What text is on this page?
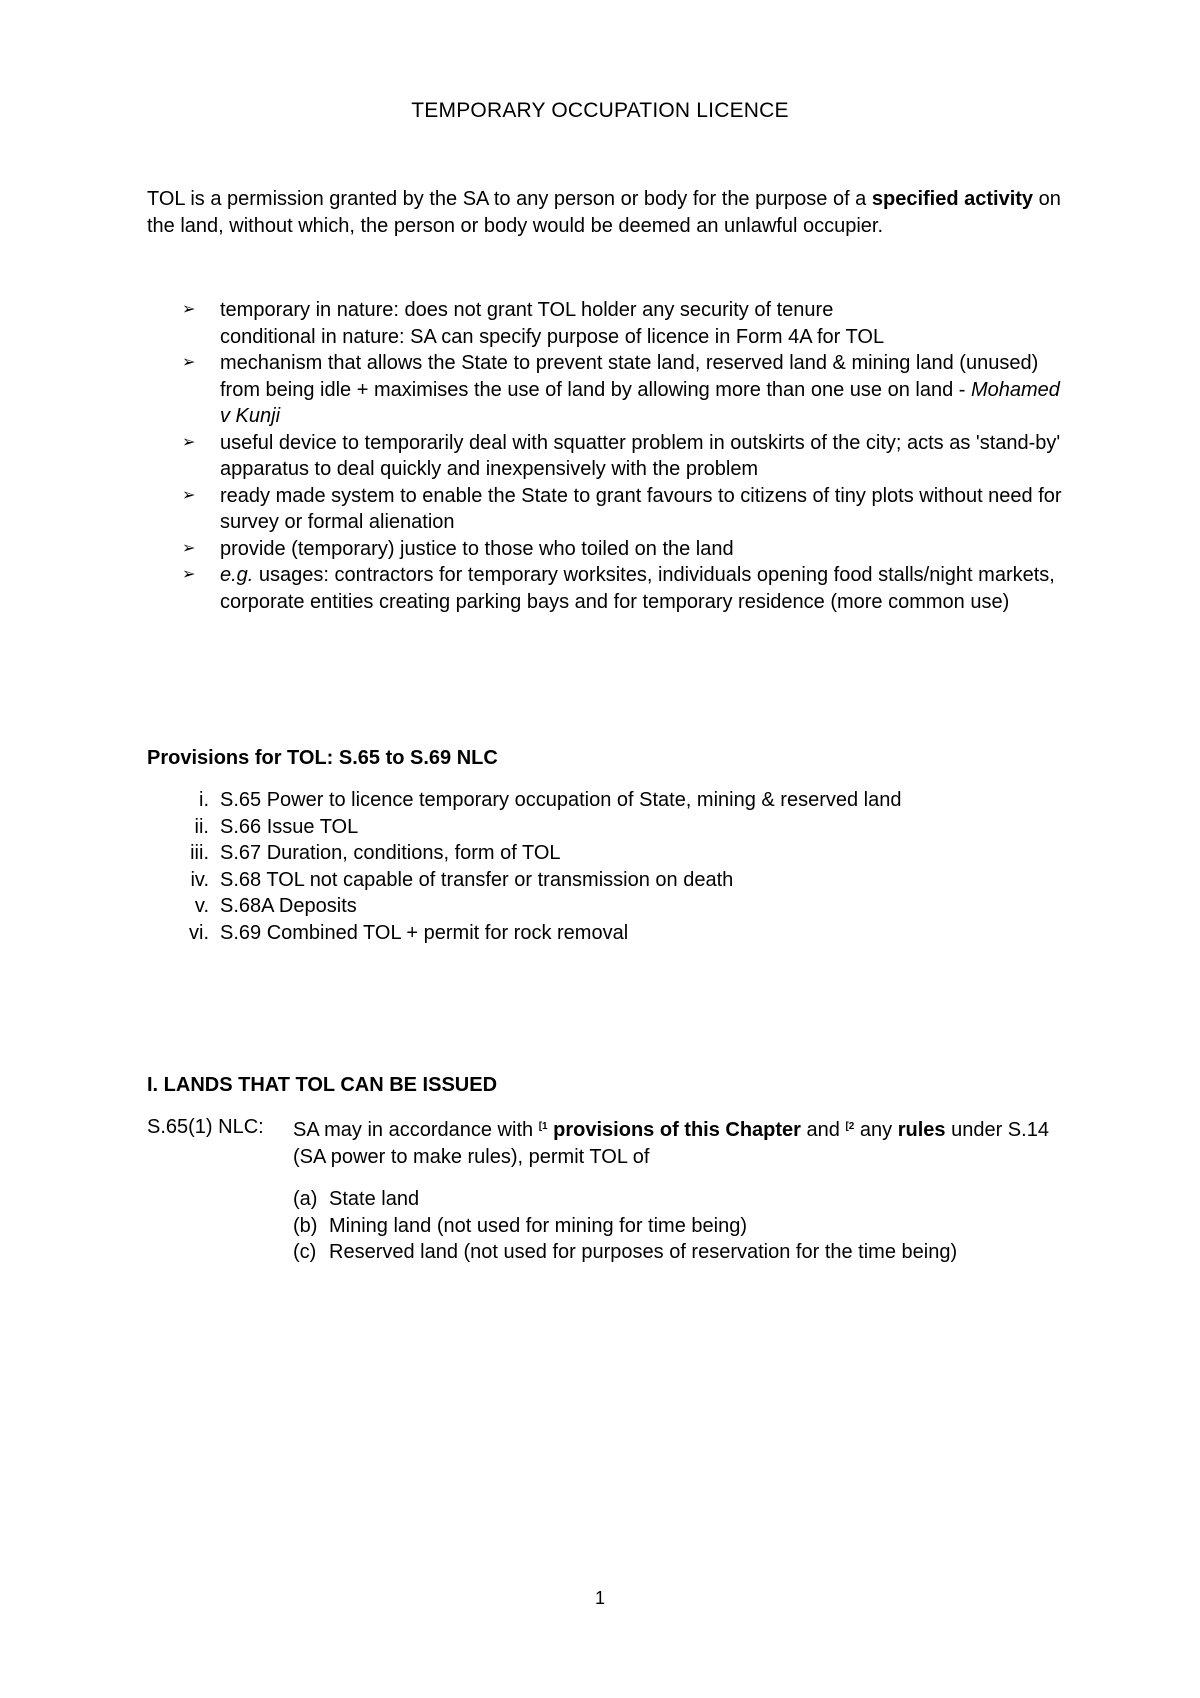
TEMPORARY OCCUPATION LICENCE

TOL is a permission granted by the SA to any person or body for the purpose of a specified activity on the land, without which, the person or body would be deemed an unlawful occupier.

➢ temporary in nature: does not grant TOL holder any security of tenure
conditional in nature: SA can specify purpose of licence in Form 4A for TOL
➢ mechanism that allows the State to prevent state land, reserved land & mining land (unused) from being idle + maximises the use of land by allowing more than one use on land - Mohamed v Kunji
➢ useful device to temporarily deal with squatter problem in outskirts of the city; acts as 'stand-by' apparatus to deal quickly and inexpensively with the problem
➢ ready made system to enable the State to grant favours to citizens of tiny plots without need for survey or formal alienation
➢ provide (temporary) justice to those who toiled on the land
➢ e.g. usages: contractors for temporary worksites, individuals opening food stalls/night markets, corporate entities creating parking bays and for temporary residence (more common use)
Provisions for TOL: S.65 to S.69 NLC
i. S.65 Power to licence temporary occupation of State, mining & reserved land
ii. S.66 Issue TOL
iii. S.67 Duration, conditions, form of TOL
iv. S.68 TOL not capable of transfer or transmission on death
v. S.68A Deposits
vi. S.69 Combined TOL + permit for rock removal
I. LANDS THAT TOL CAN BE ISSUED
S.65(1) NLC: SA may in accordance with $^{[1}$ provisions of this Chapter and $^{[2}$ any rules under S.14 (SA power to make rules), permit TOL of
(a) State land
(b) Mining land (not used for mining for time being)
(c) Reserved land (not used for purposes of reservation for the time being)
1
